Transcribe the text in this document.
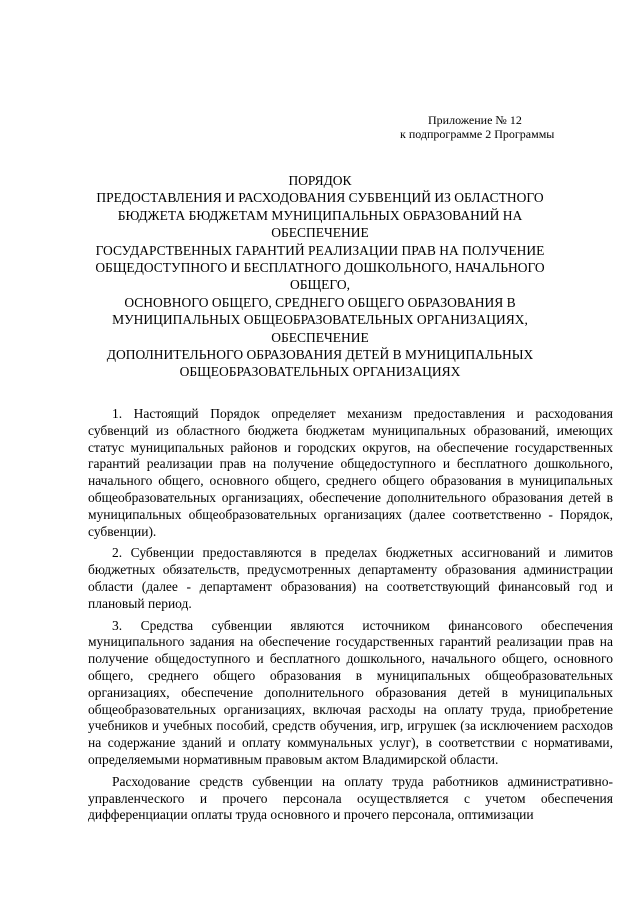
Приложение № 12
к подпрограмме 2 Программы
ПОРЯДОК
ПРЕДОСТАВЛЕНИЯ И РАСХОДОВАНИЯ СУБВЕНЦИЙ ИЗ ОБЛАСТНОГО
БЮДЖЕТА БЮДЖЕТАМ МУНИЦИПАЛЬНЫХ ОБРАЗОВАНИЙ НА
ОБЕСПЕЧЕНИЕ
ГОСУДАРСТВЕННЫХ ГАРАНТИЙ РЕАЛИЗАЦИИ ПРАВ НА ПОЛУЧЕНИЕ
ОБЩЕДОСТУПНОГО И БЕСПЛАТНОГО ДОШКОЛЬНОГО, НАЧАЛЬНОГО
ОБЩЕГО,
ОСНОВНОГО ОБЩЕГО, СРЕДНЕГО ОБЩЕГО ОБРАЗОВАНИЯ В
МУНИЦИПАЛЬНЫХ ОБЩЕОБРАЗОВАТЕЛЬНЫХ ОРГАНИЗАЦИЯХ,
ОБЕСПЕЧЕНИЕ
ДОПОЛНИТЕЛЬНОГО ОБРАЗОВАНИЯ ДЕТЕЙ В МУНИЦИПАЛЬНЫХ
ОБЩЕОБРАЗОВАТЕЛЬНЫХ ОРГАНИЗАЦИЯХ

1. Настоящий Порядок определяет механизм предоставления и расходования субвенций из областного бюджета бюджетам муниципальных образований, имеющих статус муниципальных районов и городских округов, на обеспечение государственных гарантий реализации прав на получение общедоступного и бесплатного дошкольного, начального общего, основного общего, среднего общего образования в муниципальных общеобразовательных организациях, обеспечение дополнительного образования детей в муниципальных общеобразовательных организациях (далее соответственно - Порядок, субвенции).

2. Субвенции предоставляются в пределах бюджетных ассигнований и лимитов бюджетных обязательств, предусмотренных департаменту образования администрации области (далее - департамент образования) на соответствующий финансовый год и плановый период.

3. Средства субвенции являются источником финансового обеспечения муниципального задания на обеспечение государственных гарантий реализации прав на получение общедоступного и бесплатного дошкольного, начального общего, основного общего, среднего общего образования в муниципальных общеобразовательных организациях, обеспечение дополнительного образования детей в муниципальных общеобразовательных организациях, включая расходы на оплату труда, приобретение учебников и учебных пособий, средств обучения, игр, игрушек (за исключением расходов на содержание зданий и оплату коммунальных услуг), в соответствии с нормативами, определяемыми нормативным правовым актом Владимирской области.

Расходование средств субвенции на оплату труда работников административно-управленческого и прочего персонала осуществляется с учетом обеспечения дифференциации оплаты труда основного и прочего персонала, оптимизации
